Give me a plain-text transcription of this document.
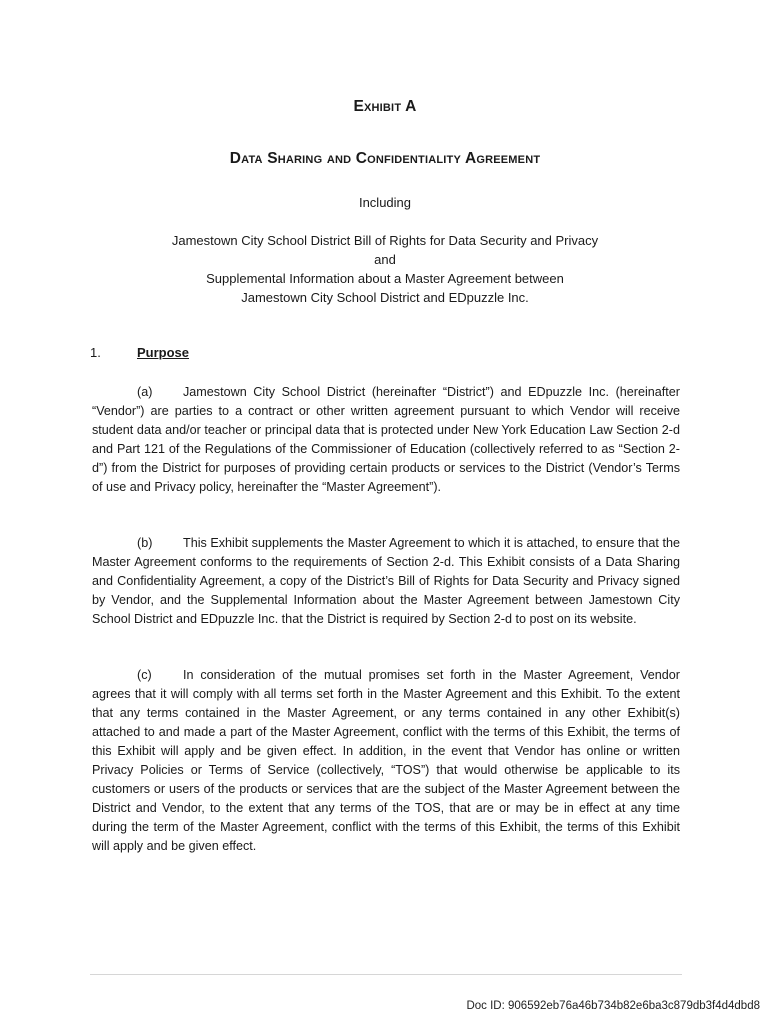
Exhibit A
Data Sharing and Confidentiality Agreement
Including
Jamestown City School District Bill of Rights for Data Security and Privacy
and
Supplemental Information about a Master Agreement between
Jamestown City School District and EDpuzzle Inc.
1.	Purpose

(a) Jamestown City School District (hereinafter “District”) and EDpuzzle Inc. (hereinafter “Vendor”) are parties to a contract or other written agreement pursuant to which Vendor will receive student data and/or teacher or principal data that is protected under New York Education Law Section 2-d and Part 121 of the Regulations of the Commissioner of Education (collectively referred to as “Section 2-d”) from the District for purposes of providing certain products or services to the District (Vendor’s Terms of use and Privacy policy, hereinafter the “Master Agreement”).

(b) This Exhibit supplements the Master Agreement to which it is attached, to ensure that the Master Agreement conforms to the requirements of Section 2-d. This Exhibit consists of a Data Sharing and Confidentiality Agreement, a copy of the District’s Bill of Rights for Data Security and Privacy signed by Vendor, and the Supplemental Information about the Master Agreement between Jamestown City School District and EDpuzzle Inc. that the District is required by Section 2-d to post on its website.

(c) In consideration of the mutual promises set forth in the Master Agreement, Vendor agrees that it will comply with all terms set forth in the Master Agreement and this Exhibit. To the extent that any terms contained in the Master Agreement, or any terms contained in any other Exhibit(s) attached to and made a part of the Master Agreement, conflict with the terms of this Exhibit, the terms of this Exhibit will apply and be given effect. In addition, in the event that Vendor has online or written Privacy Policies or Terms of Service (collectively, “TOS”) that would otherwise be applicable to its customers or users of the products or services that are the subject of the Master Agreement between the District and Vendor, to the extent that any terms of the TOS, that are or may be in effect at any time during the term of the Master Agreement, conflict with the terms of this Exhibit, the terms of this Exhibit will apply and be given effect.

Doc ID: 906592eb76a46b734b82e6ba3c879db3f4d4dbd8
